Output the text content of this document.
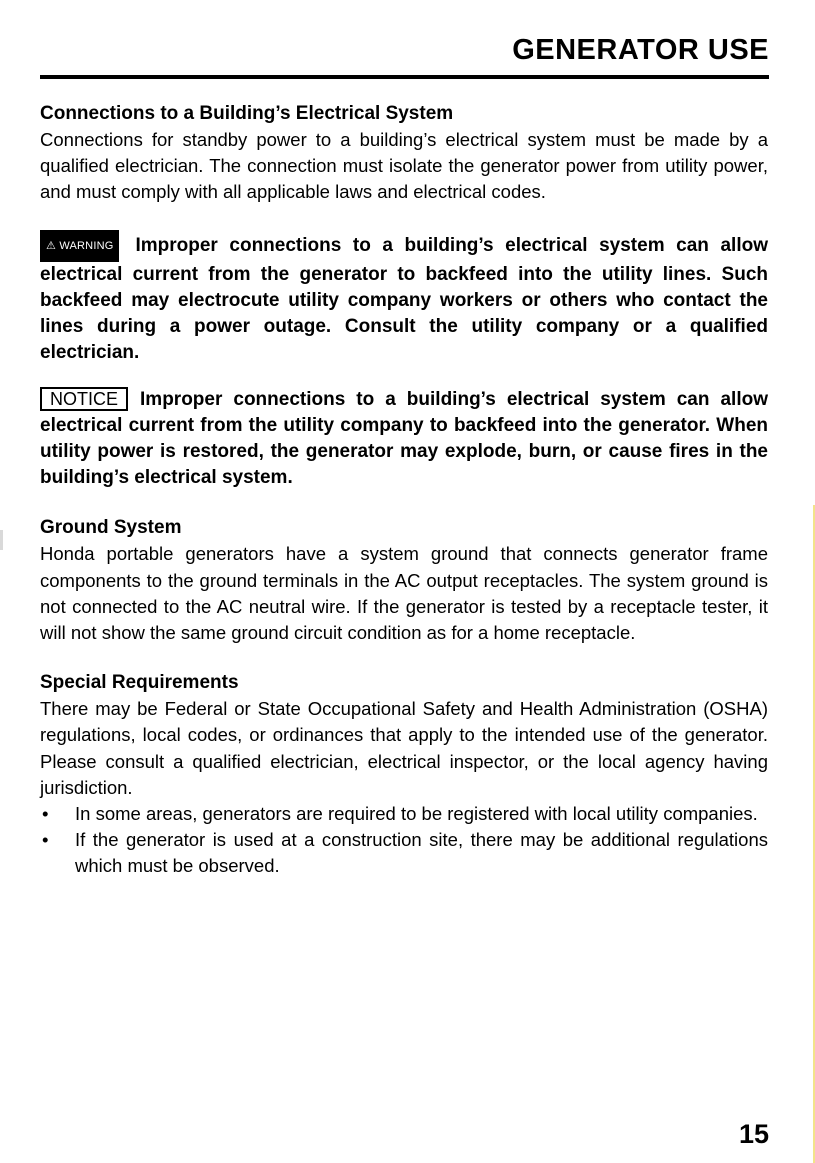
GENERATOR USE
Connections to a Building’s Electrical System

Connections for standby power to a building’s electrical system must be made by a qualified electrician. The connection must isolate the generator power from utility power, and must comply with all applicable laws and electrical codes.

⚠ WARNING Improper connections to a building’s electrical system can allow electrical current from the generator to backfeed into the utility lines. Such backfeed may electrocute utility company workers or others who contact the lines during a power outage. Consult the utility company or a qualified electrician.

NOTICE Improper connections to a building’s electrical system can allow electrical current from the utility company to backfeed into the generator. When utility power is restored, the generator may explode, burn, or cause fires in the building’s electrical system.

Ground System

Honda portable generators have a system ground that connects generator frame components to the ground terminals in the AC output receptacles. The system ground is not connected to the AC neutral wire. If the generator is tested by a receptacle tester, it will not show the same ground circuit condition as for a home receptacle.

Special Requirements

There may be Federal or State Occupational Safety and Health Administration (OSHA) regulations, local codes, or ordinances that apply to the intended use of the generator. Please consult a qualified electrician, electrical inspector, or the local agency having jurisdiction.

• In some areas, generators are required to be registered with local utility companies.
• If the generator is used at a construction site, there may be additional regulations which must be observed.
15
